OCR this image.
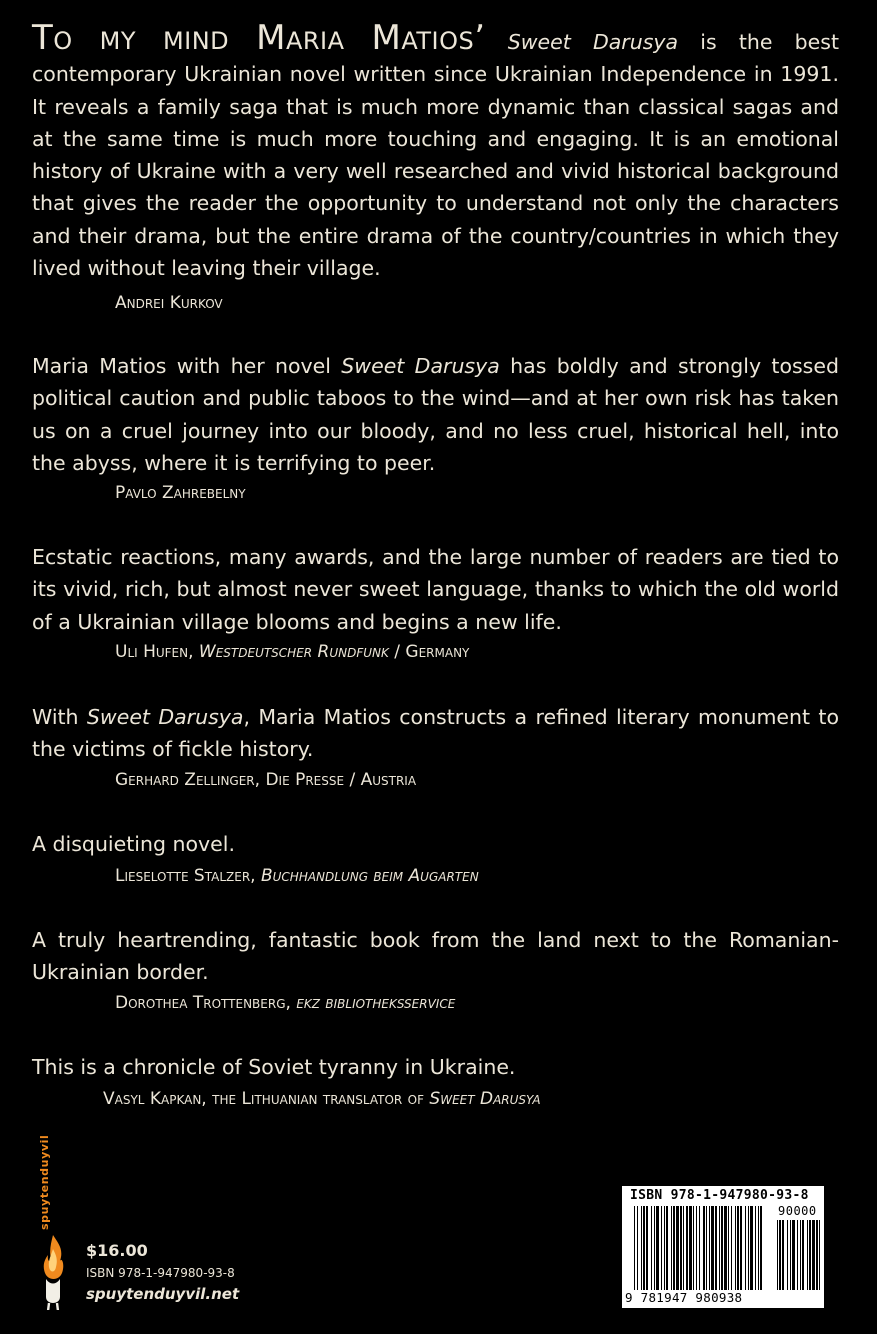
To my mind Maria Matios’ Sweet Darusya is the best contemporary Ukrainian novel written since Ukrainian Independence in 1991. It reveals a family saga that is much more dynamic than classical sagas and at the same time is much more touching and engaging. It is an emotional history of Ukraine with a very well researched and vivid historical background that gives the reader the opportunity to understand not only the characters and their drama, but the entire drama of the country/countries in which they lived without leaving their village.

Andrei Kurkov

Maria Matios with her novel Sweet Darusya has boldly and strongly tossed political caution and public taboos to the wind—and at her own risk has taken us on a cruel journey into our bloody, and no less cruel, historical hell, into the abyss, where it is terrifying to peer.

Pavlo Zahrebelny

Ecstatic reactions, many awards, and the large number of readers are tied to its vivid, rich, but almost never sweet language, thanks to which the old world of a Ukrainian village blooms and begins a new life.

Uli Hufen, Westdeutscher Rundfunk / Germany

With Sweet Darusya, Maria Matios constructs a refined literary monument to the victims of fickle history.

Gerhard Zellinger, Die Presse / Austria

A disquieting novel.

Lieselotte Stalzer, Buchhandlung beim Augarten

A truly heartrending, fantastic book from the land next to the Romanian-Ukrainian border.

Dorothea Trottenberg, ekz bibliotheksservice

This is a chronicle of Soviet tyranny in Ukraine.

Vasyl Kapkan, the Lithuanian translator of Sweet Darusya
spuytenduyvil
$16.00
ISBN 978-1-947980-93-8
spuytenduyvil.net
ISBN 978-1-947980-93-8
90000
9 781947 980938
